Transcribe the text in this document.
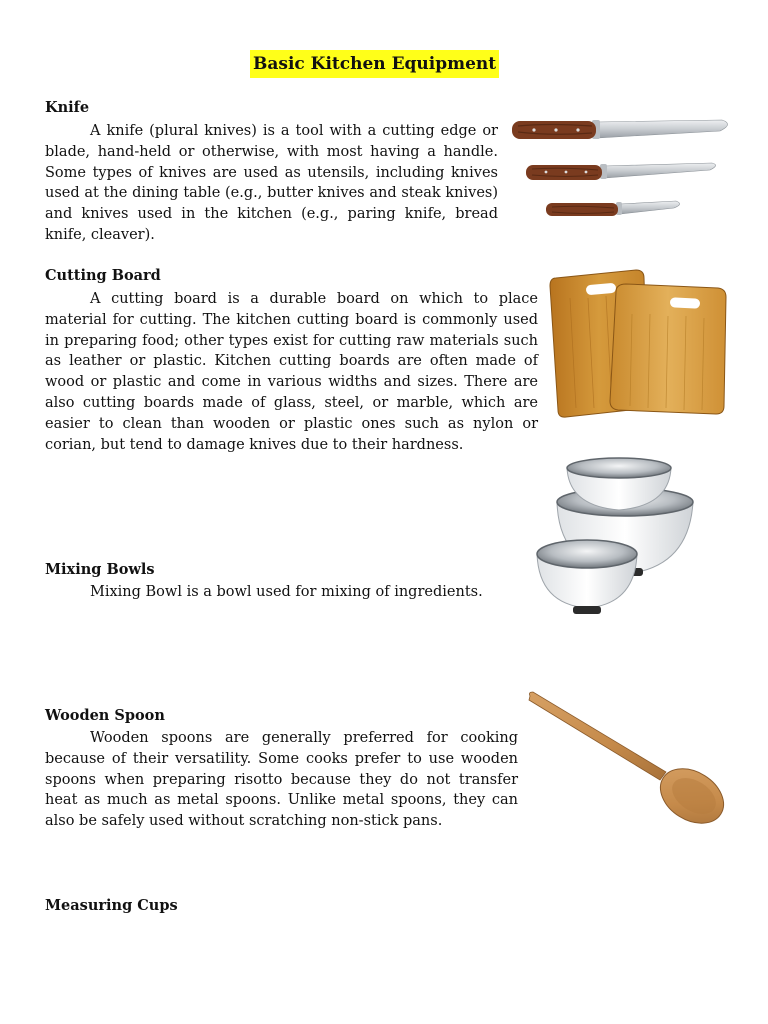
Basic Kitchen Equipment
Knife

A knife (plural knives) is a tool with a cutting edge or blade, hand-held or otherwise, with most having a handle. Some types of knives are used as utensils, including knives used at the dining table (e.g., butter knives and steak knives) and knives used in the kitchen (e.g., paring knife, bread knife, cleaver).

Cutting Board

A cutting board is a durable board on which to place material for cutting. The kitchen cutting board is commonly used in preparing food; other types exist for cutting raw materials such as leather or plastic. Kitchen cutting boards are often made of wood or plastic and come in various widths and sizes. There are also cutting boards made of glass, steel, or marble, which are easier to clean than wooden or plastic ones such as nylon or corian, but tend to damage knives due to their hardness.

Mixing Bowls

Mixing Bowl is a bowl used for mixing of ingredients.

Wooden Spoon

Wooden spoons are generally preferred for cooking because of their versatility. Some cooks prefer to use wooden spoons when preparing risotto because they do not transfer heat as much as metal spoons. Unlike metal spoons, they can also be safely used without scratching non-stick pans.

Measuring Cups
